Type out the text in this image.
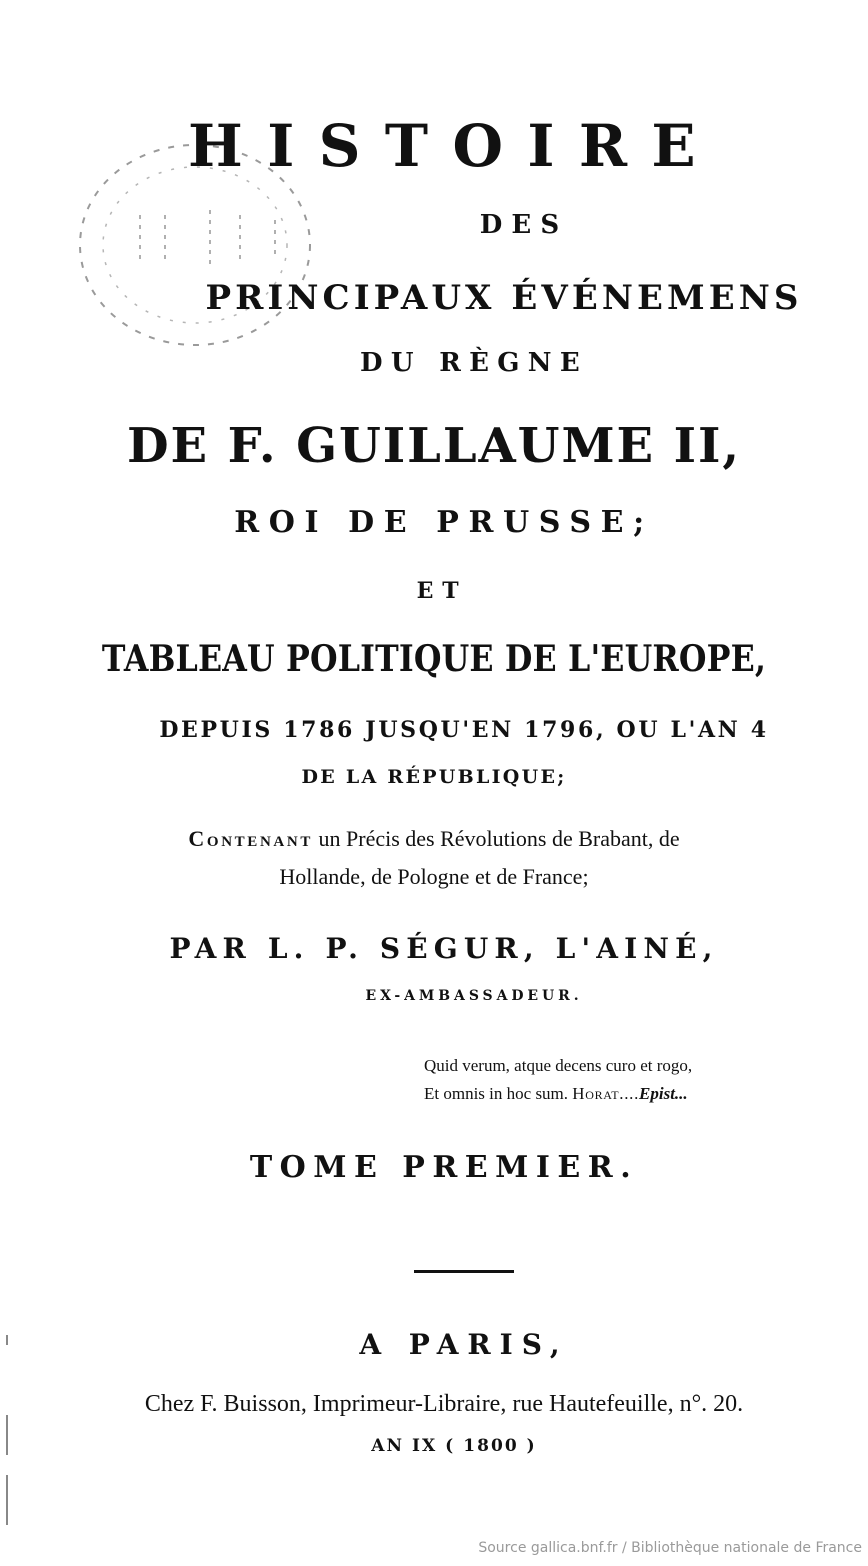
HISTOIRE
DES
PRINCIPAUX ÉVÉNEMENS
DU RÈGNE
DE F. GUILLAUME II,
ROI DE PRUSSE;
ET
TABLEAU POLITIQUE DE L'EUROPE,
DEPUIS 1786 JUSQU'EN 1796, OU L'AN 4
DE LA RÉPUBLIQUE;
Contenant un Précis des Révolutions de Brabant, de
Hollande, de Pologne et de France;
PAR L. P. SÉGUR, L'AINÉ,
EX-AMBASSADEUR.
Quid verum, atque decens curo et rogo,
Et omnis in hoc sum. Horat....Epist...
TOME PREMIER.
A PARIS,
Chez F. Buisson, Imprimeur-Libraire, rue Hautefeuille, n°. 20.
AN IX ( 1800 )
Source gallica.bnf.fr / Bibliothèque nationale de France
